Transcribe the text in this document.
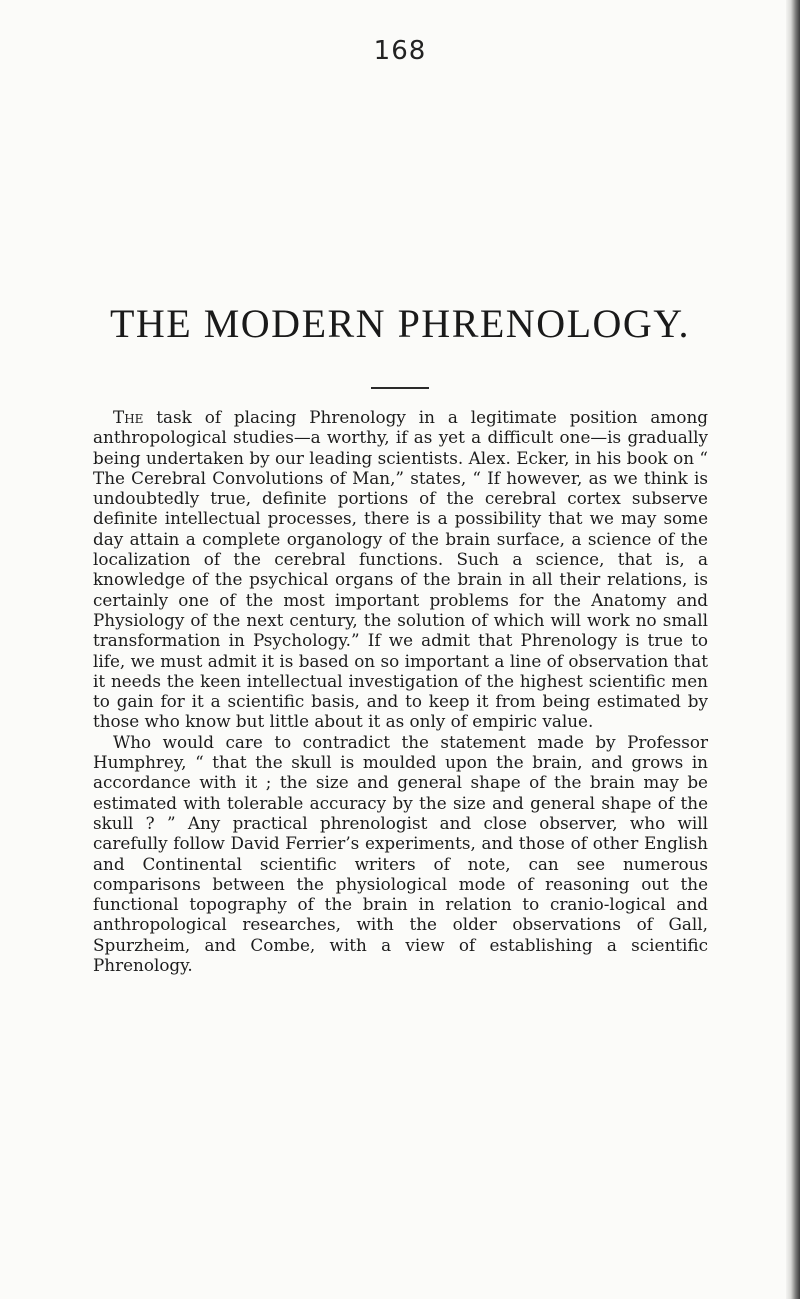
168
THE MODERN PHRENOLOGY.

The task of placing Phrenology in a legitimate position among anthropological studies—a worthy, if as yet a difficult one—is gradually being undertaken by our leading scientists. Alex. Ecker, in his book on “ The Cerebral Convolutions of Man,” states, “ If however, as we think is undoubtedly true, definite portions of the cerebral cortex subserve definite intellectual processes, there is a possibility that we may some day attain a complete organology of the brain surface, a science of the localization of the cerebral functions. Such a science, that is, a knowledge of the psychical organs of the brain in all their relations, is certainly one of the most important problems for the Anatomy and Physiology of the next century, the solution of which will work no small transformation in Psychology.” If we admit that Phrenology is true to life, we must admit it is based on so important a line of observation that it needs the keen intellectual investigation of the highest scientific men to gain for it a scientific basis, and to keep it from being estimated by those who know but little about it as only of empiric value.

Who would care to contradict the statement made by Professor Humphrey, “ that the skull is moulded upon the brain, and grows in accordance with it ; the size and general shape of the brain may be estimated with tolerable accuracy by the size and general shape of the skull ? ” Any practical phrenologist and close observer, who will carefully follow David Ferrier’s experiments, and those of other English and Continental scientific writers of note, can see numerous comparisons between the physiological mode of reasoning out the functional topography of the brain in relation to cranio-logical and anthropological researches, with the older observations of Gall, Spurzheim, and Combe, with a view of establishing a scientific Phrenology.
